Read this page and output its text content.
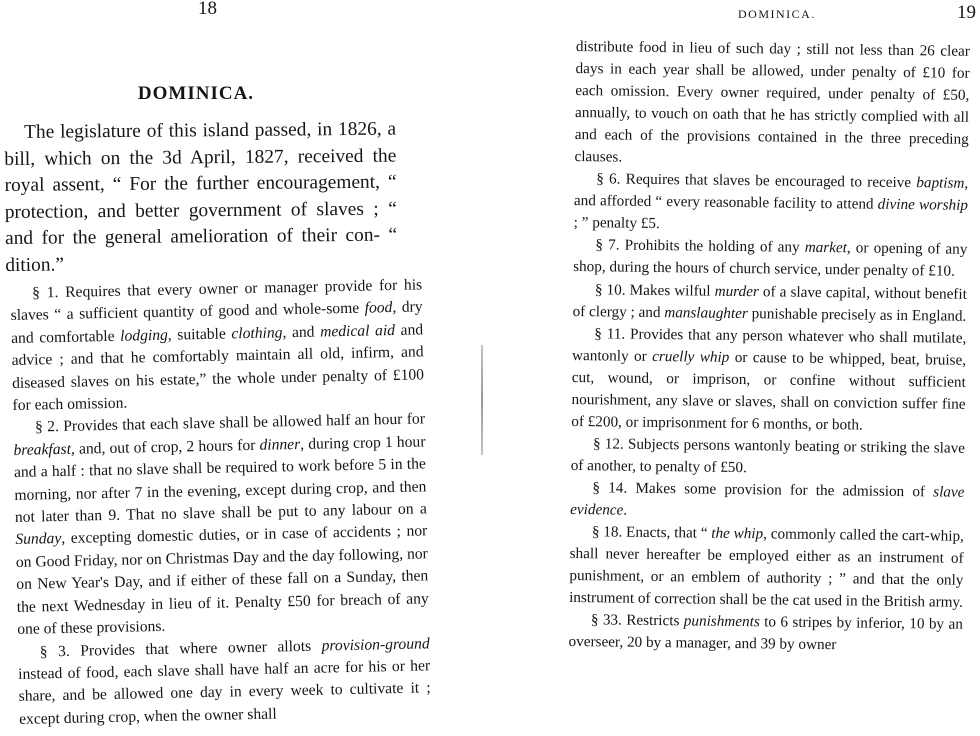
18
DOMINICA.

The legislature of this island passed, in 1826, a bill, which on the 3d April, 1827, received the royal assent, “ For the further encouragement, “ protection, and better government of slaves ; “ and for the general amelioration of their con- “ dition.”

§ 1. Requires that every owner or manager provide for his slaves “ a sufficient quantity of good and whole-some food, dry and comfortable lodging, suitable clothing, and medical aid and advice ; and that he comfortably maintain all old, infirm, and diseased slaves on his estate,” the whole under penalty of £100 for each omission.

§ 2. Provides that each slave shall be allowed half an hour for breakfast, and, out of crop, 2 hours for dinner, during crop 1 hour and a half : that no slave shall be required to work before 5 in the morning, nor after 7 in the evening, except during crop, and then not later than 9. That no slave shall be put to any labour on a Sunday, excepting domestic duties, or in case of accidents ; nor on Good Friday, nor on Christmas Day and the day following, nor on New Year's Day, and if either of these fall on a Sunday, then the next Wednesday in lieu of it. Penalty £50 for breach of any one of these provisions.

§ 3. Provides that where owner allots provision-ground instead of food, each slave shall have half an acre for his or her share, and be allowed one day in every week to cultivate it ; except during crop, when the owner shall

DOMINICA.	19

distribute food in lieu of such day ; still not less than 26 clear days in each year shall be allowed, under penalty of £10 for each omission. Every owner required, under penalty of £50, annually, to vouch on oath that he has strictly complied with all and each of the provisions contained in the three preceding clauses.

§ 6. Requires that slaves be encouraged to receive baptism, and afforded “ every reasonable facility to attend divine worship ; ” penalty £5.

§ 7. Prohibits the holding of any market, or opening of any shop, during the hours of church service, under penalty of £10.

§ 10. Makes wilful murder of a slave capital, without benefit of clergy ; and manslaughter punishable precisely as in England.

§ 11. Provides that any person whatever who shall mutilate, wantonly or cruelly whip or cause to be whipped, beat, bruise, cut, wound, or imprison, or confine without sufficient nourishment, any slave or slaves, shall on conviction suffer fine of £200, or imprisonment for 6 months, or both.

§ 12. Subjects persons wantonly beating or striking the slave of another, to penalty of £50.

§ 14. Makes some provision for the admission of slave evidence.

§ 18. Enacts, that “ the whip, commonly called the cart-whip, shall never hereafter be employed either as an instrument of punishment, or an emblem of authority ; ” and that the only instrument of correction shall be the cat used in the British army.

§ 33. Restricts punishments to 6 stripes by inferior, 10 by an overseer, 20 by a manager, and 39 by owner
